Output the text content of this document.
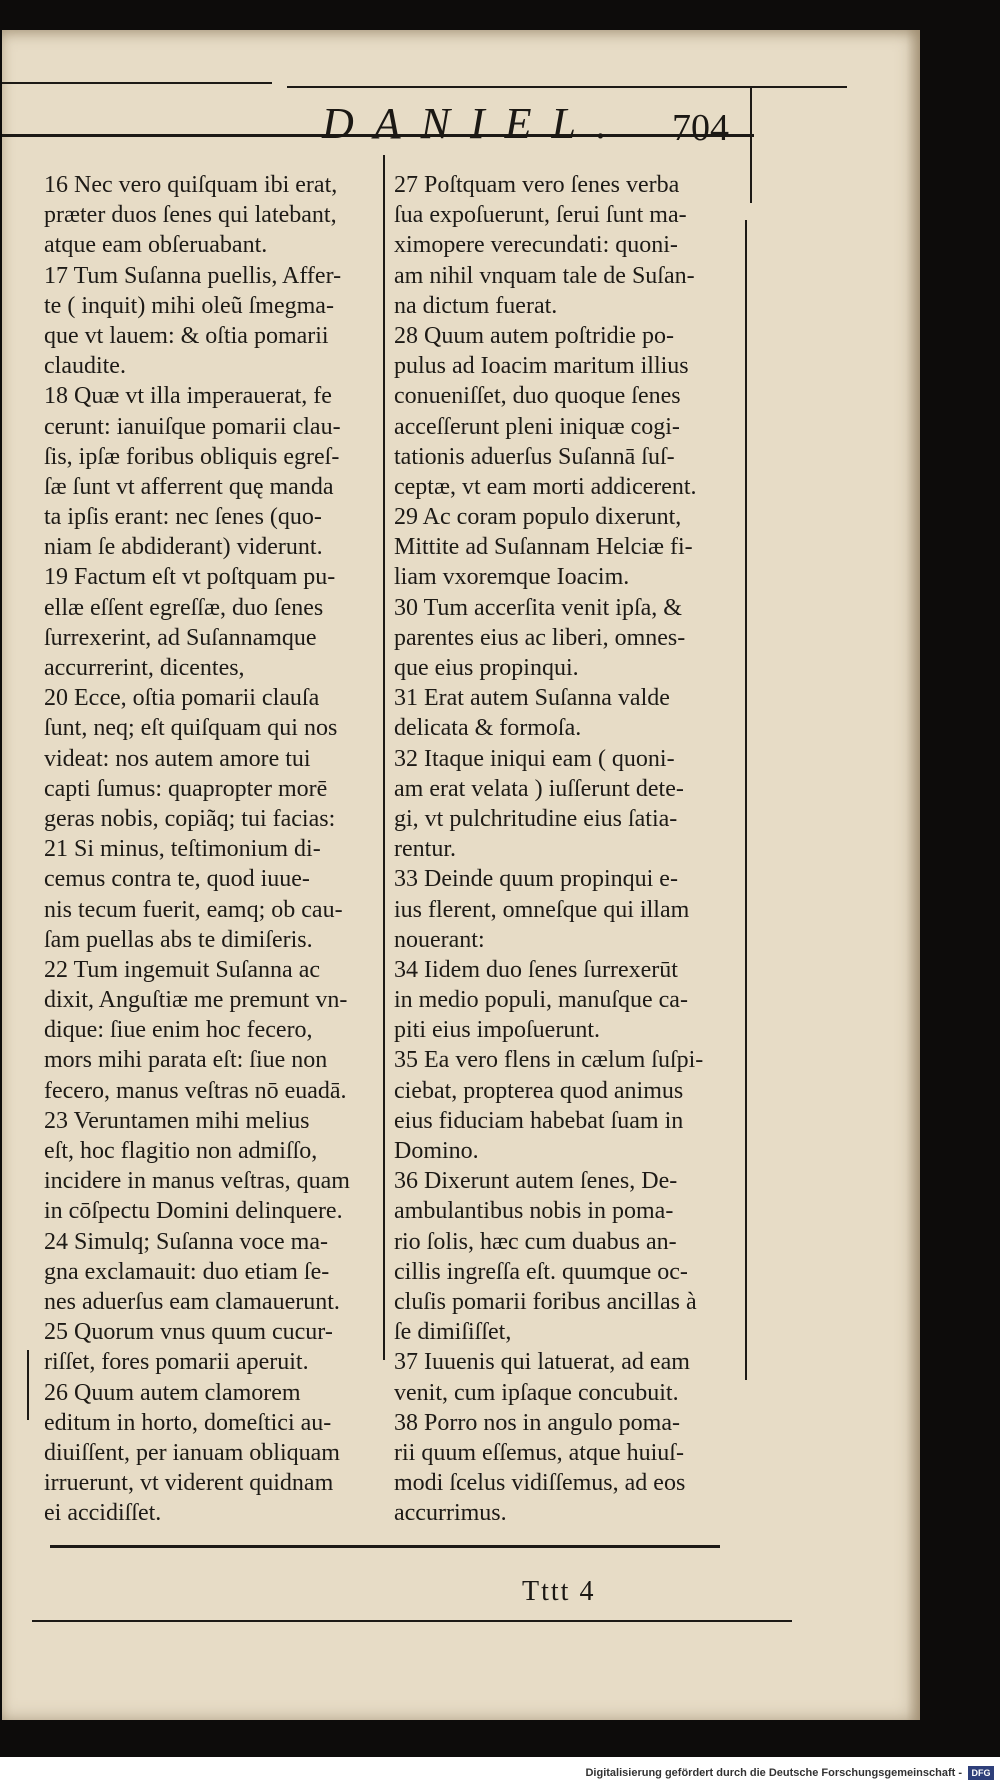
DANIEL. 704
16 Nec vero quiſquam ibi erat,
præter duos ſenes qui latebant,
atque eam obſeruabant.
17 Tum Suſanna puellis, Affer-
te ( inquit) mihi oleũ ſmegma-
que vt lauem: & oſtia pomarii
claudite.
18 Quæ vt illa imperauerat, fe
cerunt: ianuiſque pomarii clau-
ſis, ipſæ foribus obliquis egreſ-
ſæ ſunt vt afferrent quę manda
ta ipſis erant: nec ſenes (quo-
niam ſe abdiderant) viderunt.
19 Factum eſt vt poſtquam pu-
ellæ eſſent egreſſæ, duo ſenes
ſurrexerint, ad Suſannamque
accurrerint, dicentes,
20 Ecce, oſtia pomarii clauſa
ſunt, neq; eſt quiſquam qui nos
videat: nos autem amore tui
capti ſumus: quapropter morē
geras nobis, copiãq; tui facias:
21 Si minus, teſtimonium di-
cemus contra te, quod iuue-
nis tecum fuerit, eamq; ob cau-
ſam puellas abs te dimiſeris.
22 Tum ingemuit Suſanna ac
dixit, Anguſtiæ me premunt vn-
dique: ſiue enim hoc fecero,
mors mihi parata eſt: ſiue non
fecero, manus veſtras nō euadā.
23 Veruntamen mihi melius
eſt, hoc flagitio non admiſſo,
incidere in manus veſtras, quam
in cōſpectu Domini delinquere.
24 Simulq; Suſanna voce ma-
gna exclamauit: duo etiam ſe-
nes aduerſus eam clamauerunt.
25 Quorum vnus quum cucur-
riſſet, fores pomarii aperuit.
26 Quum autem clamorem
editum in horto, domeſtici au-
diuiſſent, per ianuam obliquam
irruerunt, vt viderent quidnam
ei accidiſſet.
27 Poſtquam vero ſenes verba
ſua expoſuerunt, ſerui ſunt ma-
ximopere verecundati: quoni-
am nihil vnquam tale de Suſan-
na dictum fuerat.
28 Quum autem poſtridie po-
pulus ad Ioacim maritum illius
conueniſſet, duo quoque ſenes
acceſſerunt pleni iniquæ cogi-
tationis aduerſus Suſannā ſuſ-
ceptæ, vt eam morti addicerent.
29 Ac coram populo dixerunt,
Mittite ad Suſannam Helciæ fi-
liam vxoremque Ioacim.
30 Tum accerſita venit ipſa, &
parentes eius ac liberi, omnes-
que eius propinqui.
31 Erat autem Suſanna valde
delicata & formoſa.
32 Itaque iniqui eam ( quoni-
am erat velata ) iuſſerunt dete-
gi, vt pulchritudine eius ſatia-
rentur.
33 Deinde quum propinqui e-
ius flerent, omneſque qui illam
nouerant:
34 Iidem duo ſenes ſurrexerūt
in medio populi, manuſque ca-
piti eius impoſuerunt.
35 Ea vero flens in cælum ſuſpi-
ciebat, propterea quod animus
eius fiduciam habebat ſuam in
Domino.
36 Dixerunt autem ſenes, De-
ambulantibus nobis in poma-
rio ſolis, hæc cum duabus an-
cillis ingreſſa eſt. quumque oc-
cluſis pomarii foribus ancillas à
ſe dimiſiſſet,
37 Iuuenis qui latuerat, ad eam
venit, cum ipſaque concubuit.
38 Porro nos in angulo poma-
rii quum eſſemus, atque huiuſ-
modi ſcelus vidiſſemus, ad eos
accurrimus.
Tttt 4
Digitalisierung gefördert durch die Deutsche Forschungsgemeinschaft -	DFG
